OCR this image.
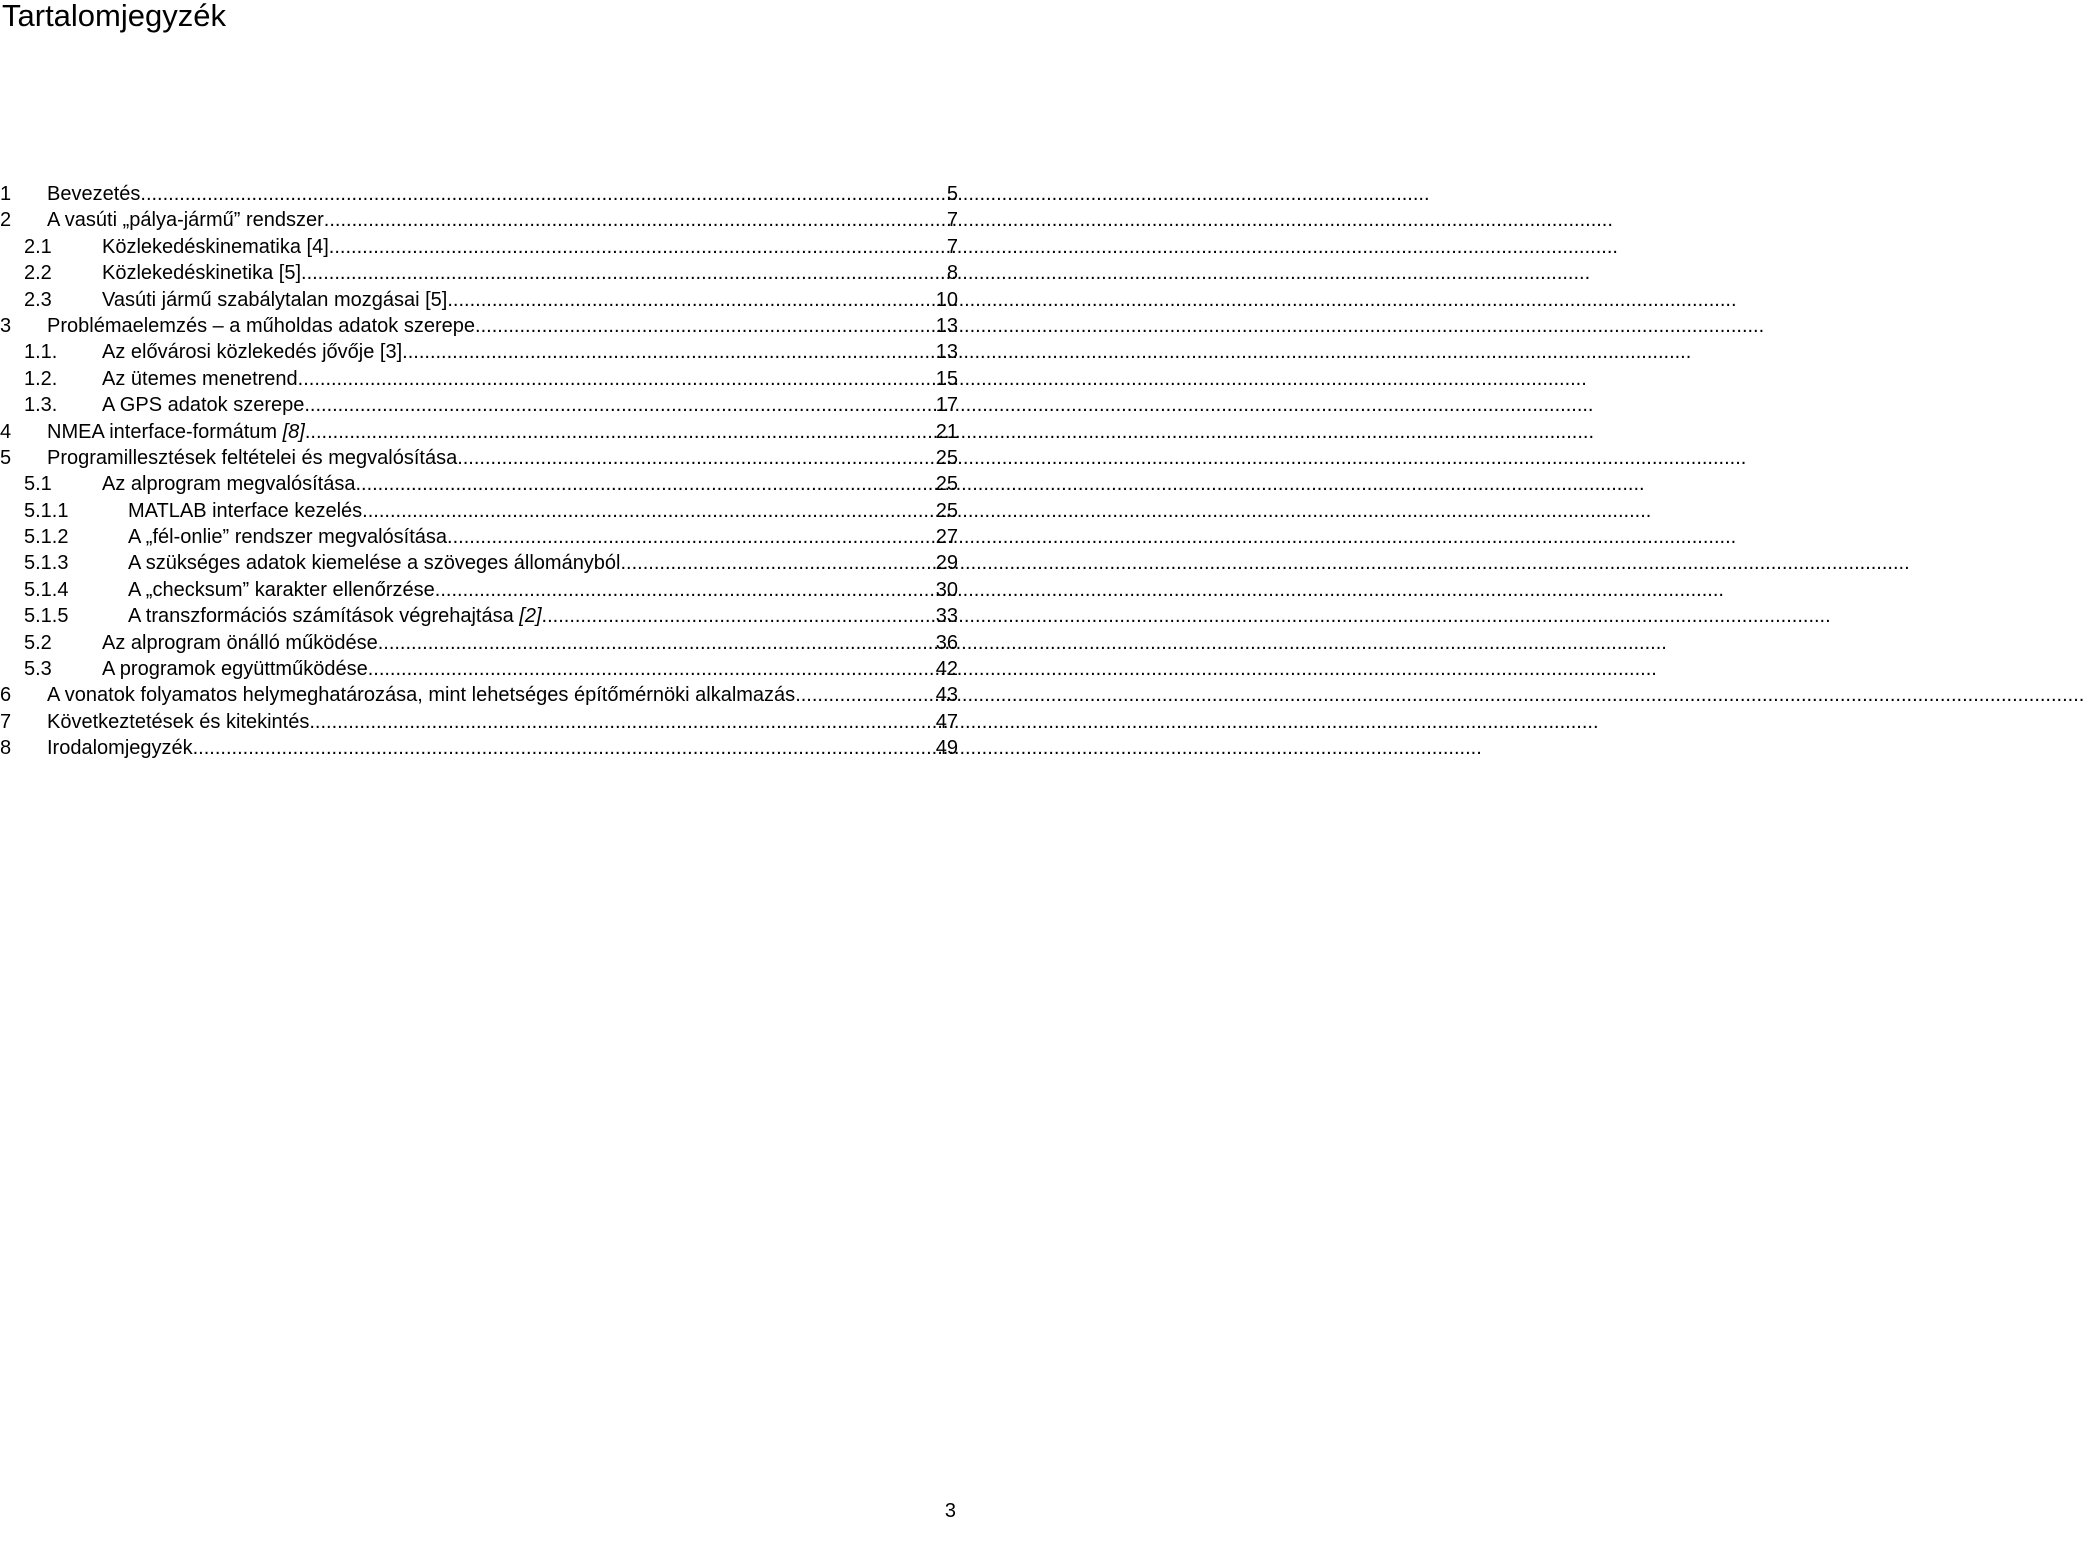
Tartalomjegyzék
1	Bevezetés .....	5
2	A vasúti „pálya-jármű” rendszer .....	7
2.1	Közlekedéskinematika [4] .....	7
2.2	Közlekedéskinetika [5] .....	8
2.3	Vasúti jármű szabálytalan mozgásai [5] .....	10
3	Problémaelemzés – a műholdas adatok szerepe .....	13
1.1.	Az elővárosi közlekedés jővője [3] .....	13
1.2.	Az ütemes menetrend .....	15
1.3.	A GPS adatok szerepe .....	17
4	NMEA interface-formátum [8] .....	21
5	Programillesztések feltételei és megvalósítása .....	25
5.1	Az alprogram megvalósítása .....	25
5.1.1	MATLAB interface kezelés .....	25
5.1.2	A „fél-onlie” rendszer megvalósítása .....	27
5.1.3	A szükséges adatok kiemelése a szöveges állományból .....	29
5.1.4	A „checksum” karakter ellenőrzése .....	30
5.1.5	A transzformációs számítások végrehajtása [2] .....	33
5.2	Az alprogram önálló működése .....	36
5.3	A programok együttműködése .....	42
6	A vonatok folyamatos helymeghatározása, mint lehetséges építőmérnöki alkalmazás .....	43
7	Következtetések és kitekintés .....	47
8	Irodalomjegyzék .....	49
3
